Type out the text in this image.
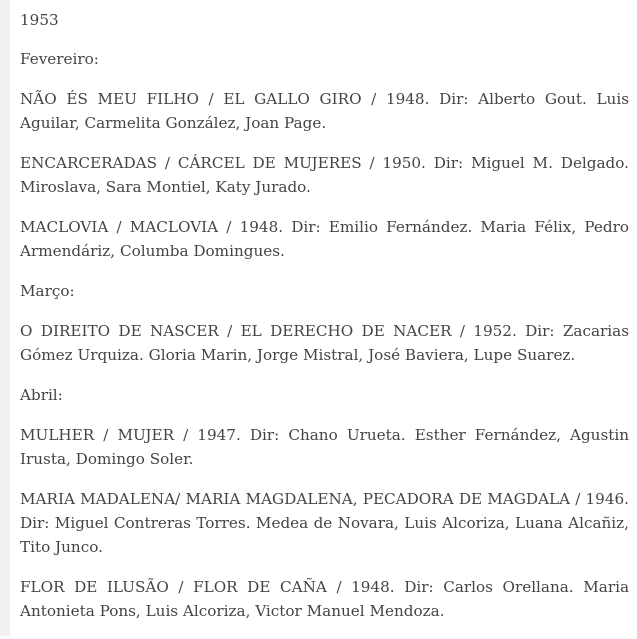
1953

Fevereiro:

NÃO ÉS MEU FILHO / EL GALLO GIRO / 1948. Dir: Alberto Gout. Luis Aguilar, Carmelita González, Joan Page.

ENCARCERADAS / CÁRCEL DE MUJERES / 1950. Dir: Miguel M. Delgado. Miroslava, Sara Montiel, Katy Jurado.

MACLOVIA / MACLOVIA / 1948. Dir: Emilio Fernández. Maria Félix, Pedro Armendáriz, Columba Domingues.

Março:

O DIREITO DE NASCER / EL DERECHO DE NACER / 1952. Dir: Zacarias Gómez Urquiza. Gloria Marin, Jorge Mistral, José Baviera, Lupe Suarez.

Abril:

MULHER / MUJER / 1947. Dir: Chano Urueta. Esther Fernández, Agustin Irusta, Domingo Soler.

MARIA MADALENA/ MARIA MAGDALENA, PECADORA DE MAGDALA / 1946. Dir: Miguel Contreras Torres. Medea de Novara, Luis Alcoriza, Luana Alcañiz, Tito Junco.

FLOR DE ILUSÃO / FLOR DE CAÑA / 1948. Dir: Carlos Orellana. Maria Antonieta Pons, Luis Alcoriza, Victor Manuel Mendoza.
